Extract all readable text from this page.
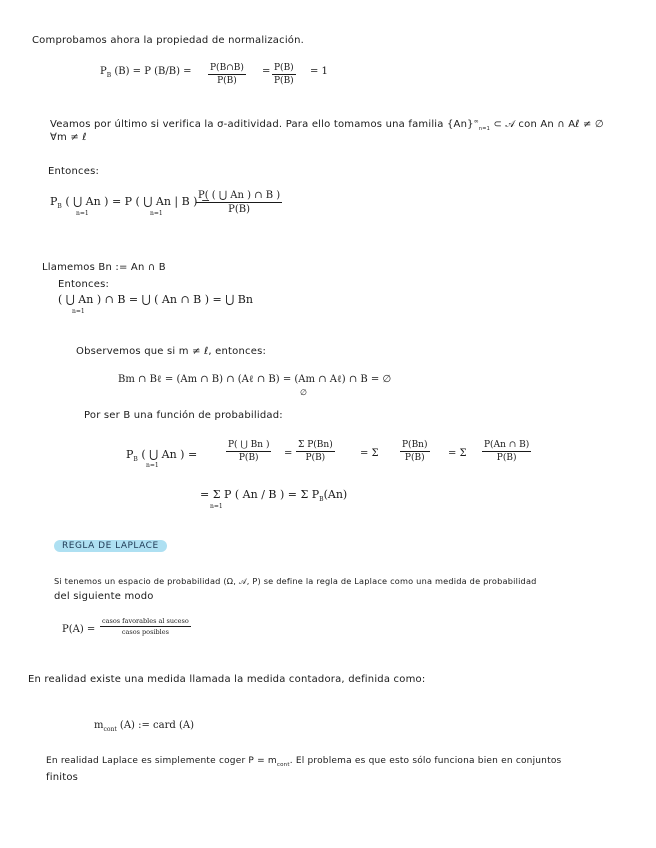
Comprobamos ahora la propiedad de normalización.
$P_B$ (B) = P $(B/B) = \frac{P(B\cap B)}{P(B)} = \frac{P(B)}{P(B)} = 1$
Veamos por último si verifica la σ-aditividad. Para ello tomamos una familia $\{An\}^\infty_{n=1}$ ⊂ 𝒜 con An ∩ Aℓ ≠ ∅
∀m ≠ ℓ
Entonces:
$P_B$ ( ⋃ An ) = P ( ⋃ An | B ) =
n=1	n=1	$\frac{P( ( ⋃ An ) \cap B )}{P(B)}$
Llamemos Bn := An ∩ B
Entonces:
( ⋃ An ) ∩ B = ⋃ ( An ∩ B ) = ⋃ Bn
n=1
Observemos que si m ≠ ℓ, entonces:
Bm ∩ Bℓ = (Am ∩ B) ∩ (Aℓ ∩ B) = (Am ∩ Aℓ) ∩ B = ∅
∅
Por ser B una función de probabilidad:
$P_B$ ( ⋃ An ) =	$\frac{P( ⋃ Bn )}{P(B)} = \frac{\text{Σ P(Bn)}}{P(B)}$	= Σ $\frac{P(Bn)}{P(B)} = \Sigma \frac{P(An \cap B)}{P(B)}$
n=1
= Σ P ( An / B ) = Σ $P_B(An)$
n=1
REGLA DE LAPLACE
Si tenemos un espacio de probabilidad (Ω, 𝒜, P) se define la regla de Laplace como una medida de probabilidad
del siguiente modo
P(A) =
casos favorables al suceso
casos posibles
En realidad existe una medida llamada la medida contadora, definida como:
$m_{cont}$ (A) := card (A)
En realidad Laplace es simplemente coger $P = m_{cont}$. El problema es que esto sólo funciona bien en conjuntos
finitos
